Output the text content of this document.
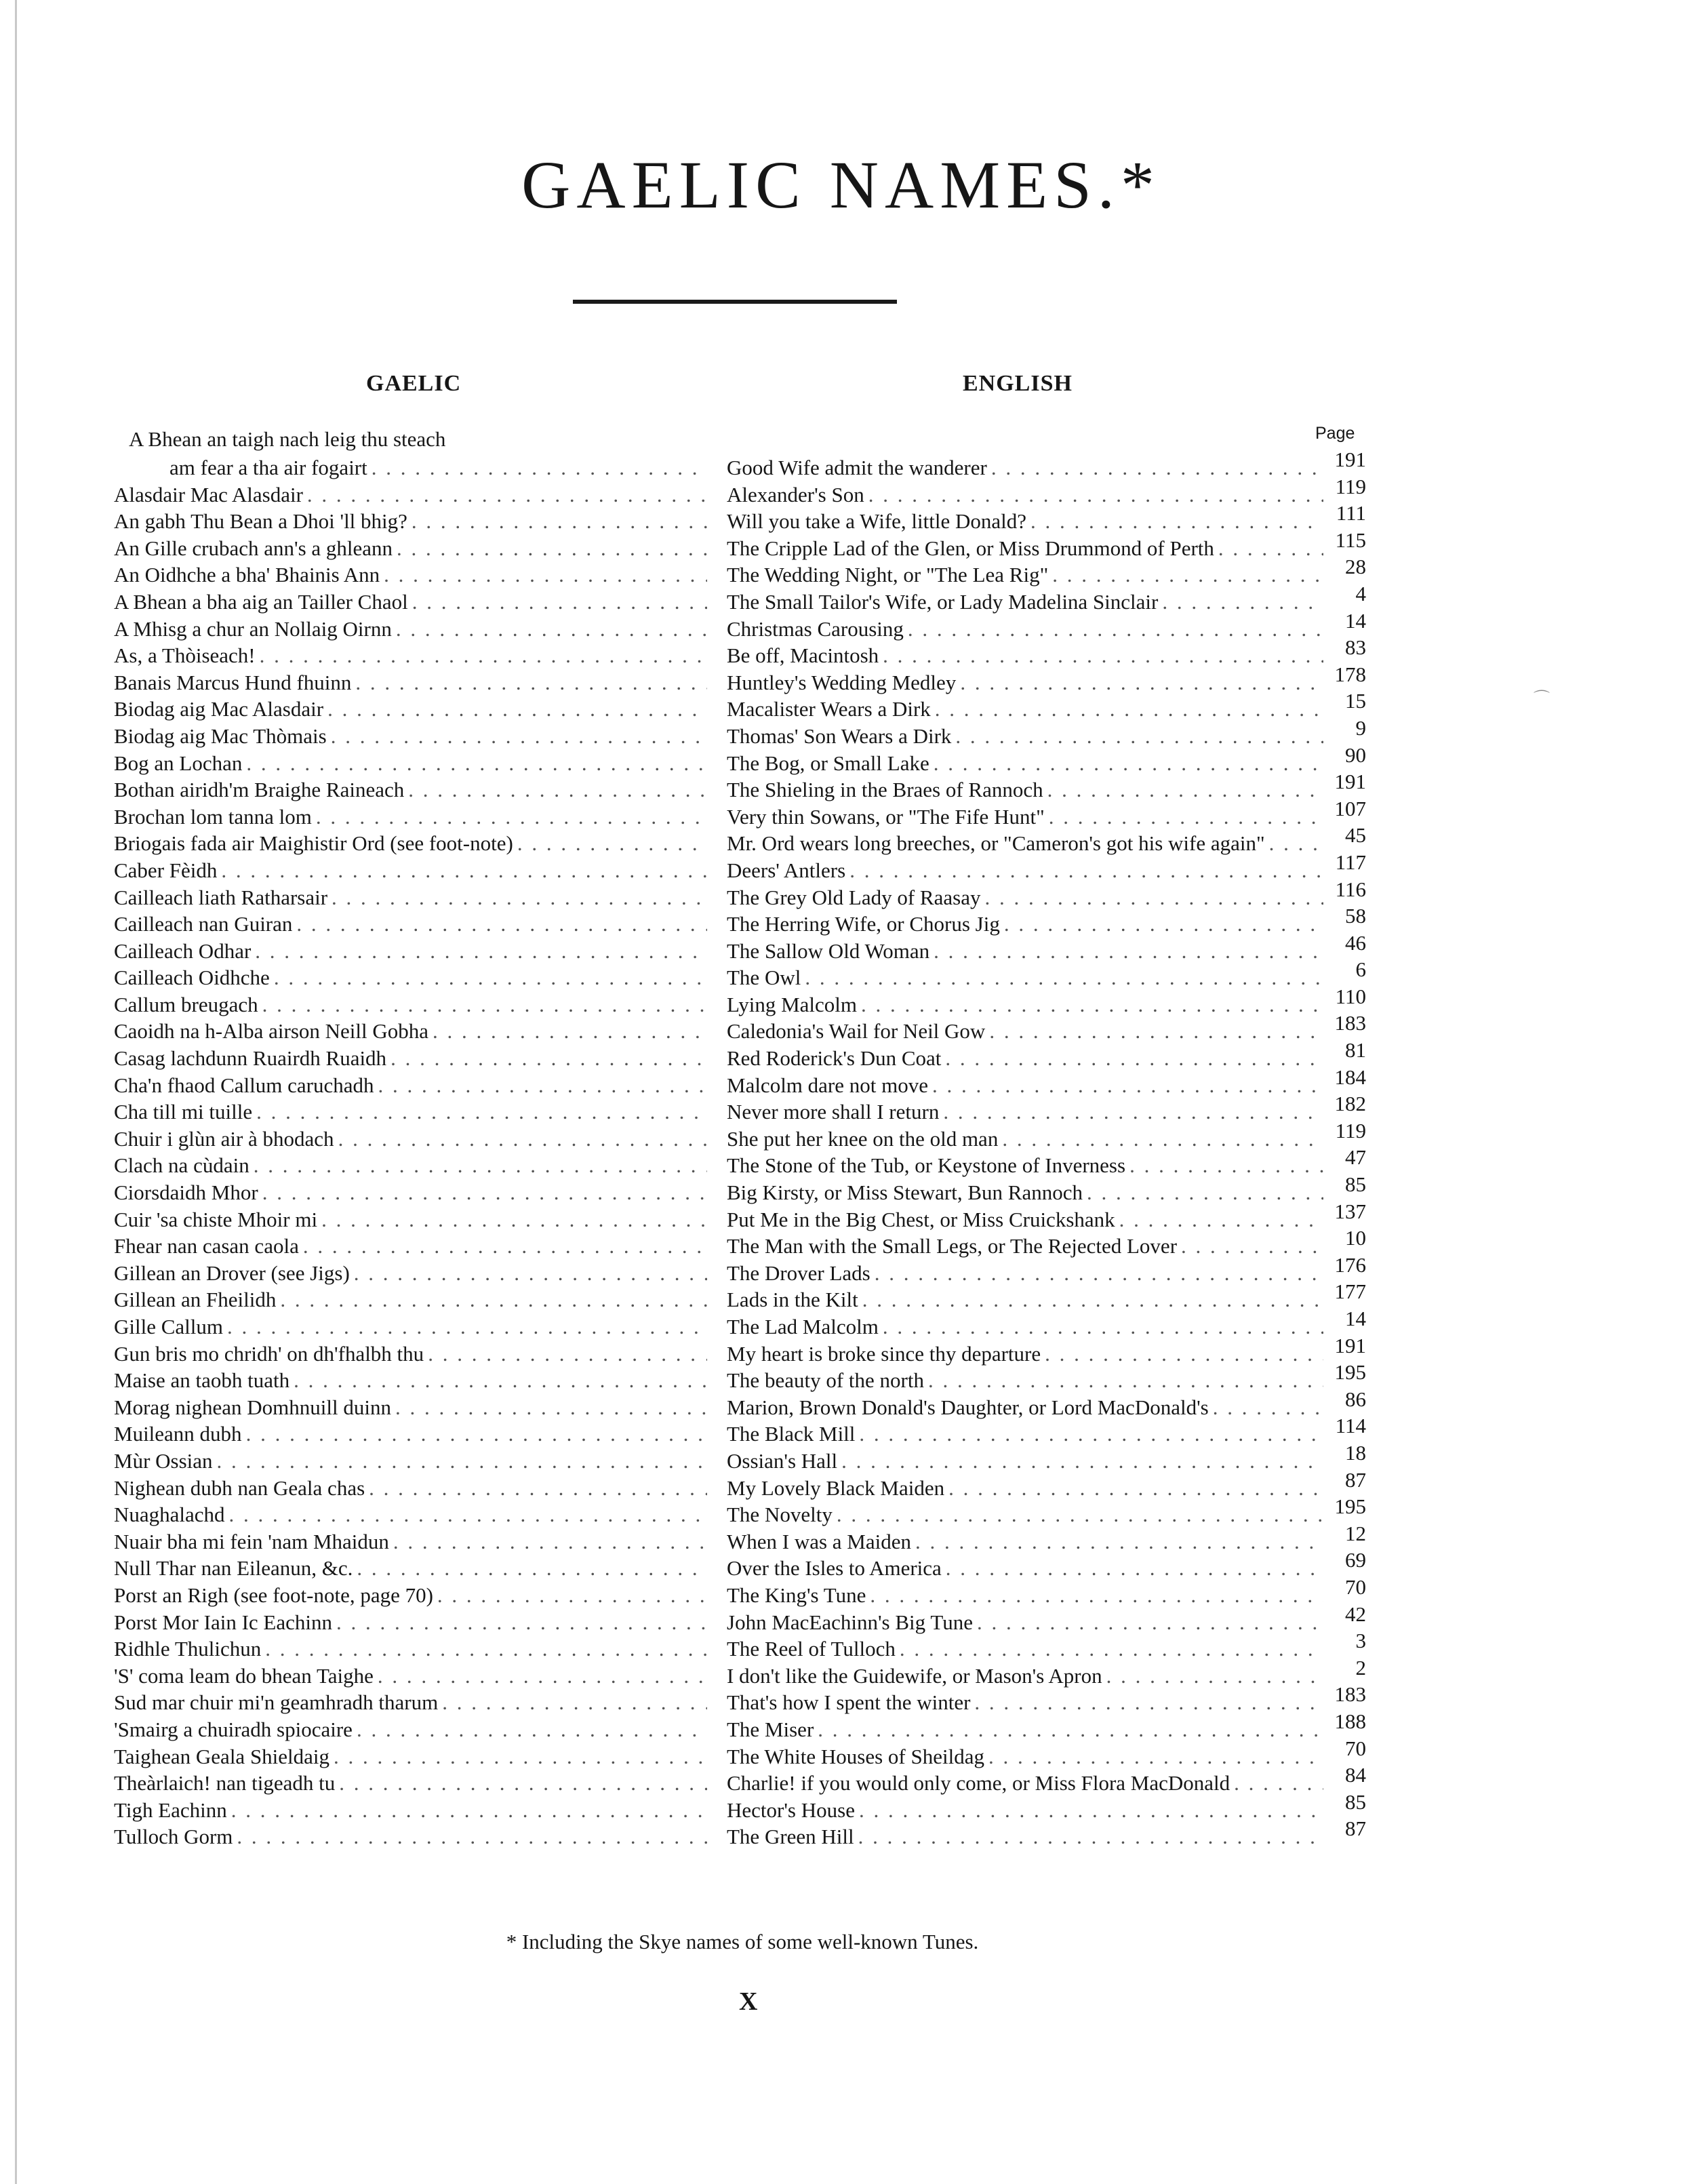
⌒
GAELIC NAMES.*
GAELIC	ENGLISH
Page
A Bhean an taigh nach leig thu steach
am fear a tha air fogairt
. . .
Alasdair Mac Alasdair
. . .
An gabh Thu Bean a Dhoi 'll bhig?
. . .
An Gille crubach ann's a ghleann
. . .
An Oidhche a bha' Bhainis Ann
. . .
A Bhean a bha aig an Tailler Chaol
. . .
A Mhisg a chur an Nollaig Oirnn
. . .
As, a Thòiseach!
. . .
Banais Marcus Hund fhuinn
. . .
Biodag aig Mac Alasdair
. . .
Biodag aig Mac Thòmais
. . .
Bog an Lochan
. . .
Bothan airidh'm Braighe Raineach
. . .
Brochan lom tanna lom
. . .
Briogais fada air Maighistir Ord (see foot-note)
. . .
Caber Fèidh
. . .
Cailleach liath Ratharsair
. . .
Cailleach nan Guiran
. . .
Cailleach Odhar
. . .
Cailleach Oidhche
. . .
Callum breugach
. . .
Caoidh na h-Alba airson Neill Gobha
. . .
Casag lachdunn Ruairdh Ruaidh
. . .
Cha'n fhaod Callum caruchadh
. . .
Cha till mi tuille
. . .
Chuir i glùn air à bhodach
. . .
Clach na cùdain
. . .
Ciorsdaidh Mhor
. . .
Cuir 'sa chiste Mhoir mi
. . .
Fhear nan casan caola
. . .
Gillean an Drover (see Jigs)
. . .
Gillean an Fheilidh
. . .
Gille Callum
. . .
Gun bris mo chridh' on dh'fhalbh thu
. . .
Maise an taobh tuath
. . .
Morag nighean Domhnuill duinn
. . .
Muileann dubh
. . .
Mùr Ossian
. . .
Nighean dubh nan Geala chas
. . .
Nuaghalachd
. . .
Nuair bha mi fein 'nam Mhaidun
. . .
Null Thar nan Eileanun, &c.
. . .
Porst an Righ (see foot-note, page 70)
. . .
Porst Mor Iain Ic Eachinn
. . .
Ridhle Thulichun
. . .
'S' coma leam do bhean Taighe
. . .
Sud mar chuir mi'n geamhradh tharum
. . .
'Smairg a chuiradh spiocaire
. . .
Taighean Geala Shieldaig
. . .
Theàrlaich! nan tigeadh tu
. . .
Tigh Eachinn
. . .
Tulloch Gorm
. . .
Good Wife admit the wanderer
. . .
Alexander's Son
. . .
Will you take a Wife, little Donald?
. . .
The Cripple Lad of the Glen, or Miss Drummond of Perth
. . .
The Wedding Night, or "The Lea Rig"
. . .
The Small Tailor's Wife, or Lady Madelina Sinclair
. . .
Christmas Carousing
. . .
Be off, Macintosh
. . .
Huntley's Wedding Medley
. . .
Macalister Wears a Dirk
. . .
Thomas' Son Wears a Dirk
. . .
The Bog, or Small Lake
. . .
The Shieling in the Braes of Rannoch
. . .
Very thin Sowans, or "The Fife Hunt"
. . .
Mr. Ord wears long breeches, or "Cameron's got his wife again"
. . .
Deers' Antlers
. . .
The Grey Old Lady of Raasay
. . .
The Herring Wife, or Chorus Jig
. . .
The Sallow Old Woman
. . .
The Owl
. . .
Lying Malcolm
. . .
Caledonia's Wail for Neil Gow
. . .
Red Roderick's Dun Coat
. . .
Malcolm dare not move
. . .
Never more shall I return
. . .
She put her knee on the old man
. . .
The Stone of the Tub, or Keystone of Inverness
. . .
Big Kirsty, or Miss Stewart, Bun Rannoch
. . .
Put Me in the Big Chest, or Miss Cruickshank
. . .
The Man with the Small Legs, or The Rejected Lover
. . .
The Drover Lads
. . .
Lads in the Kilt
. . .
The Lad Malcolm
. . .
My heart is broke since thy departure
. . .
The beauty of the north
. . .
Marion, Brown Donald's Daughter, or Lord MacDonald's
. . .
The Black Mill
. . .
Ossian's Hall
. . .
My Lovely Black Maiden
. . .
The Novelty
. . .
When I was a Maiden
. . .
Over the Isles to America
. . .
The King's Tune
. . .
John MacEachinn's Big Tune
. . .
The Reel of Tulloch
. . .
I don't like the Guidewife, or Mason's Apron
. . .
That's how I spent the winter
. . .
The Miser
. . .
The White Houses of Sheildag
. . .
Charlie! if you would only come, or Miss Flora MacDonald
. . .
Hector's House
. . .
The Green Hill
. . .
191
119
111
115
28
4
14
83
178
15
9
90
191
107
45
117
116
58
46
6
110
183
81
184
182
119
47
85
137
10
176
177
14
191
195
86
114
18
87
195
12
69
70
42
3
2
183
188
70
84
85
87
* Including the Skye names of some well-known Tunes.
X
